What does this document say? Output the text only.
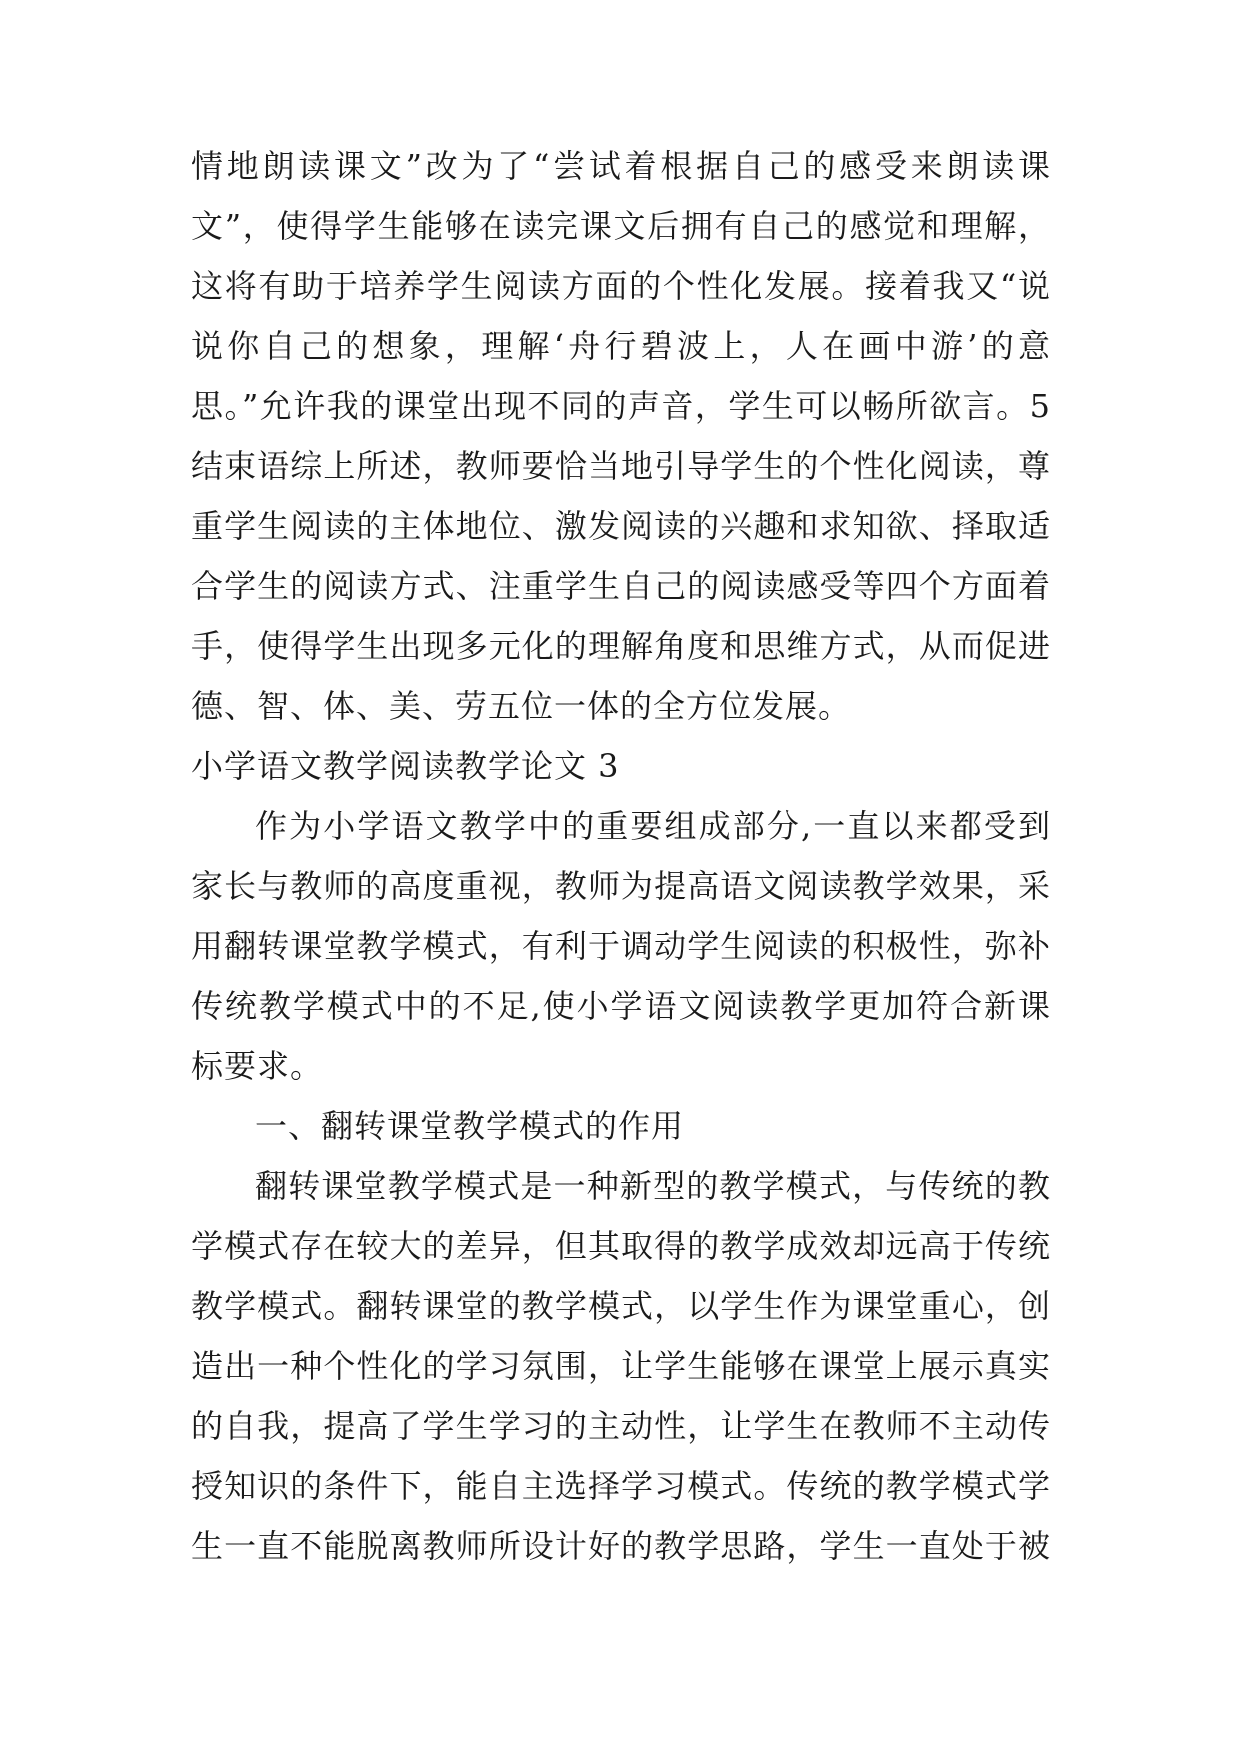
情地朗读课文”改为了“尝试着根据自己的感受来朗读课
文”，使得学生能够在读完课文后拥有自己的感觉和理解，
这将有助于培养学生阅读方面的个性化发展。接着我又“说
说你自己的想象，理解‘舟行碧波上，人在画中游’的意
思。”允许我的课堂出现不同的声音，学生可以畅所欲言。5
结束语综上所述，教师要恰当地引导学生的个性化阅读，尊
重学生阅读的主体地位、激发阅读的兴趣和求知欲、择取适
合学生的阅读方式、注重学生自己的阅读感受等四个方面着
手，使得学生出现多元化的理解角度和思维方式，从而促进
德、智、体、美、劳五位一体的全方位发展。
小学语文教学阅读教学论文 3
作为小学语文教学中的重要组成部分,一直以来都受到
家长与教师的高度重视，教师为提高语文阅读教学效果，采
用翻转课堂教学模式，有利于调动学生阅读的积极性，弥补
传统教学模式中的不足,使小学语文阅读教学更加符合新课
标要求。
一、翻转课堂教学模式的作用
翻转课堂教学模式是一种新型的教学模式，与传统的教
学模式存在较大的差异，但其取得的教学成效却远高于传统
教学模式。翻转课堂的教学模式，以学生作为课堂重心，创
造出一种个性化的学习氛围，让学生能够在课堂上展示真实
的自我，提高了学生学习的主动性，让学生在教师不主动传
授知识的条件下，能自主选择学习模式。传统的教学模式学
生一直不能脱离教师所设计好的教学思路，学生一直处于被
